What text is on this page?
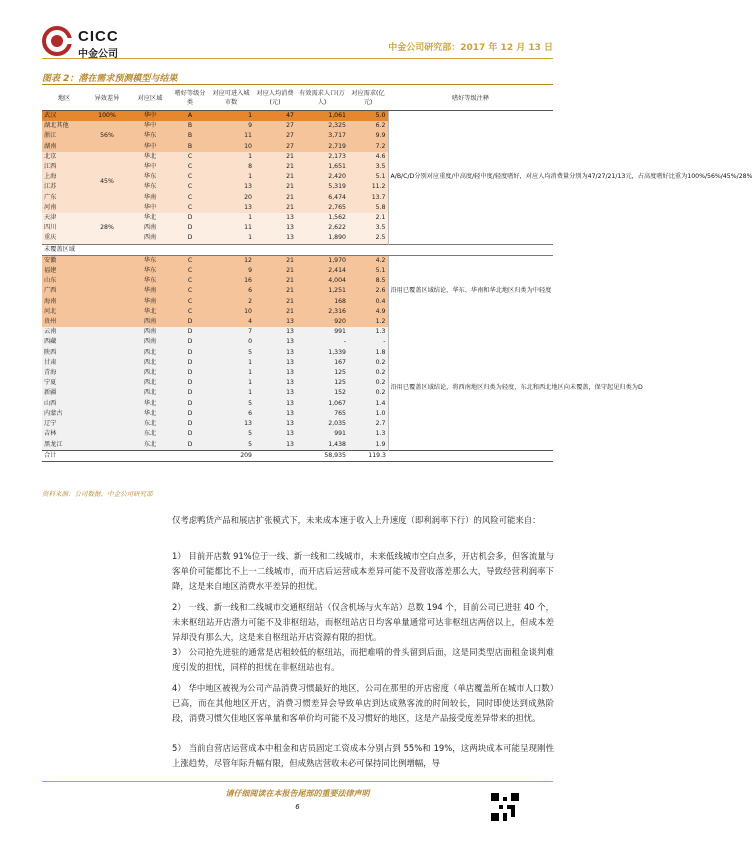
CICC
中金公司
中金公司研究部：2017 年 12 月 13 日
图表 2：潜在需求预测模型与结果
地区	异效差异	对应区域	嗜好等级分类	对应可进入城市数	对应人均消费(元)	有效需求人口(万人)	对应需求(亿元)	嗜好等级注释
武汉	100%	华中	A	1	47	1,061	5.0	A/B/C/D分别对应重度/中高度/轻中度/轻度嗜好，对应人均消费量分别为47/27/21/13元，占高度嗜好比重为100%/56%/45%/28%
湖北其他	56%	华中	B	9	27	2,325	6.2	
浙江		华东	B	11	27	3,717	9.9	
湖南		华中	B	10	27	2,719	7.2	
北京	45%	华北	C	1	21	2,173	4.6	
江西		华中	C	8	21	1,651	3.5	
上海		华东	C	1	21	2,420	5.1	
江苏		华东	C	13	21	5,319	11.2	
广东		华南	C	20	21	6,474	13.7	
河南		华中	C	13	21	2,765	5.8	
天津	28%	华北	D	1	13	1,562	2.1	
四川		西南	D	11	13	2,622	3.5	
重庆		西南	D	1	13	1,890	2.5	
未覆盖区域								
安徽		华东	C	12	21	1,970	4.2	沿用已覆盖区域结论，华东、华南和华北地区归类为中轻度
福建		华东	C	9	21	2,414	5.1	
山东		华东	C	16	21	4,004	8.5	
广西		华南	C	6	21	1,251	2.6	
海南		华南	C	2	21	168	0.4	
河北		华北	C	10	21	2,316	4.9	
贵州		西南	D	4	13	920	1.2	
云南		西南	D	7	13	991	1.3	沿用已覆盖区域结论，将西南地区归类为轻度，东北和西北地区向未覆盖，保守起见归类为D
西藏		西南	D	0	13	-	-	
陕西		西北	D	5	13	1,339	1.8	
甘肃		西北	D	1	13	167	0.2	
青海		西北	D	1	13	125	0.2	
宁夏		西北	D	1	13	125	0.2	
新疆		西北	D	1	13	152	0.2	
山西		华北	D	5	13	1,067	1.4	
内蒙古		华北	D	6	13	765	1.0	
辽宁		东北	D	13	13	2,035	2.7	
吉林		东北	D	5	13	991	1.3	
黑龙江		东北	D	5	13	1,438	1.9	
合计				209		58,935	119.3	
资料来源：公司数据、中金公司研究部
仅考虑鸭货产品和展店扩张模式下，未来成本速于收入上升速度（即利润率下行）的风险可能来自：
1） 目前开店数 91%位于一线、新一线和二线城市，未来低线城市空白点多，开店机会多，但客流量与客单价可能都比不上一二线城市，而开店后运营成本差异可能不及营收落差那么大，导致经营利润率下降，这是来自地区消费水平差异的担忧。
2） 一线、新一线和二线城市交通枢纽站（仅含机场与火车站）总数 194 个，目前公司已进驻 40 个，未来枢纽站开店潜力可能不及非枢纽站，而枢纽站店日均客单量通常可达非枢纽店两倍以上，但成本差异却没有那么大，这是来自枢纽站开店资源有限的担忧。
3） 公司抢先进驻的通常是店租较低的枢纽站，而把难啃的骨头留到后面，这是同类型店面租金谈判难度引发的担忧，同样的担忧在非枢纽站也有。
4） 华中地区被视为公司产品消费习惯最好的地区，公司在那里的开店密度（单店覆盖所在城市人口数）已高，而在其他地区开店，消费习惯差异会导致单店到达成熟客流的时间较长，同时即使达到成熟阶段，消费习惯欠佳地区客单量和客单价均可能不及习惯好的地区，这是产品接受度差异带来的担忧。
5） 当前自营店运营成本中租金和店员固定工资成本分别占到 55%和 19%，这两块成本可能呈现刚性上涨趋势，尽管年际升幅有限，但成熟店营收未必可保持同比例增幅，导
请仔细阅读在本报告尾部的重要法律声明
6
